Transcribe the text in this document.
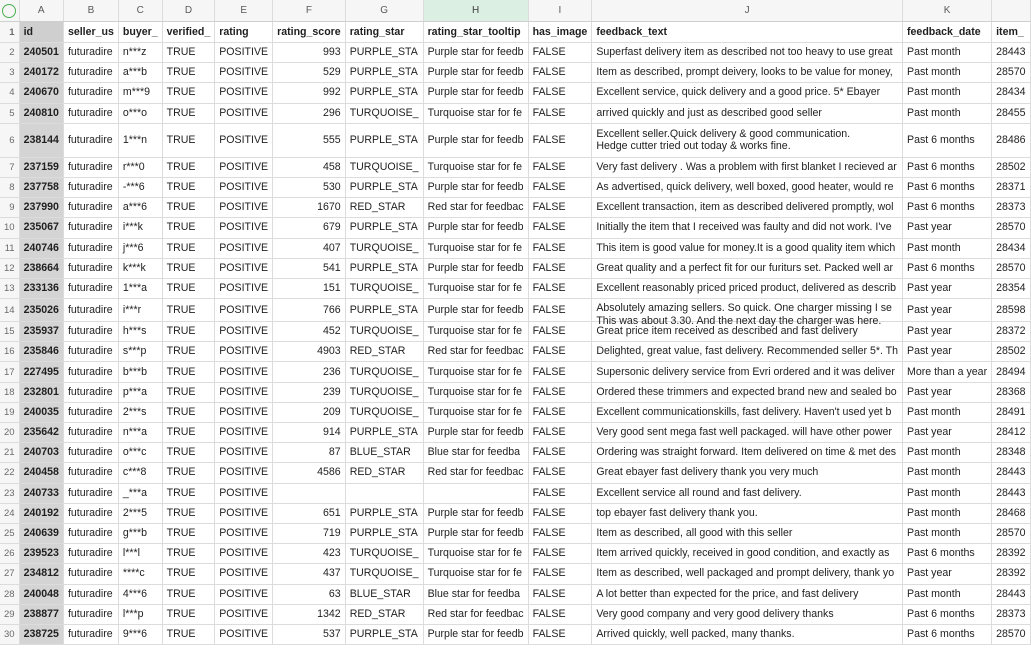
	A	B	C	D	E	F	G	H	I	J	K	
1	id	seller_us	buyer_	verified_	rating	rating_score	rating_star	rating_star_tooltip	has_image	feedback_text	feedback_date	item_
2	240501	futuradire	n***z	TRUE	POSITIVE	993	PURPLE_STA	Purple star for feedb	FALSE	Superfast delivery item as described not too heavy to use great	Past month	28443
3	240172	futuradire	a***b	TRUE	POSITIVE	529	PURPLE_STA	Purple star for feedb	FALSE	Item as described, prompt deivery, looks to be value for money,	Past month	28570
4	240670	futuradire	m***9	TRUE	POSITIVE	992	PURPLE_STA	Purple star for feedb	FALSE	Excellent service, quick delivery and a good price. 5* Ebayer	Past month	28434
5	240810	futuradire	o***o	TRUE	POSITIVE	296	TURQUOISE_	Turquoise star for fe	FALSE	arrived quickly and just as described good seller	Past month	28455
6	238144	futuradire	1***n	TRUE	POSITIVE	555	PURPLE_STA	Purple star for feedb	FALSE	Excellent seller.Quick delivery & good communication.
Hedge cutter tried out today & works fine.	Past 6 months	28486
7	237159	futuradire	r***0	TRUE	POSITIVE	458	TURQUOISE_	Turquoise star for fe	FALSE	Very fast delivery . Was a problem with first blanket I recieved ar	Past 6 months	28502
8	237758	futuradire	-***6	TRUE	POSITIVE	530	PURPLE_STA	Purple star for feedb	FALSE	As advertised, quick delivery, well boxed, good heater, would re	Past 6 months	28371
9	237990	futuradire	a***6	TRUE	POSITIVE	1670	RED_STAR	Red star for feedbac	FALSE	Excellent transaction, item as described delivered promptly, wol	Past 6 months	28373
10	235067	futuradire	i***k	TRUE	POSITIVE	679	PURPLE_STA	Purple star for feedb	FALSE	Initially the item that I received was faulty and did not work. I've	Past year	28570
11	240746	futuradire	j***6	TRUE	POSITIVE	407	TURQUOISE_	Turquoise star for fe	FALSE	This item is good value for money.It is a good quality item which	Past month	28434
12	238664	futuradire	k***k	TRUE	POSITIVE	541	PURPLE_STA	Purple star for feedb	FALSE	Great quality and a perfect fit for our furiturs set. Packed well ar	Past 6 months	28570
13	233136	futuradire	1***a	TRUE	POSITIVE	151	TURQUOISE_	Turquoise star for fe	FALSE	Excellent reasonably priced priced product, delivered as describ	Past year	28354
14	235026	futuradire	i***r	TRUE	POSITIVE	766	PURPLE_STA	Purple star for feedb	FALSE	Absolutely amazing sellers. So quick. One charger missing I se
This was about 3.30. And the next day the charger was here.	Past year	28598
15	235937	futuradire	h***s	TRUE	POSITIVE	452	TURQUOISE_	Turquoise star for fe	FALSE	Great price item received as described and fast delivery	Past year	28372
16	235846	futuradire	s***p	TRUE	POSITIVE	4903	RED_STAR	Red star for feedbac	FALSE	Delighted, great value, fast delivery. Recommended seller 5*. Th	Past year	28502
17	227495	futuradire	b***b	TRUE	POSITIVE	236	TURQUOISE_	Turquoise star for fe	FALSE	Supersonic delivery service from Evri ordered and it was deliver	More than a year	28494
18	232801	futuradire	p***a	TRUE	POSITIVE	239	TURQUOISE_	Turquoise star for fe	FALSE	Ordered these trimmers and expected brand new and sealed bo	Past year	28368
19	240035	futuradire	2***s	TRUE	POSITIVE	209	TURQUOISE_	Turquoise star for fe	FALSE	Excellent communicationskills, fast delivery. Haven't used yet b	Past month	28491
20	235642	futuradire	n***a	TRUE	POSITIVE	914	PURPLE_STA	Purple star for feedb	FALSE	Very good sent mega fast well packaged. will have other power	Past year	28412
21	240703	futuradire	o***c	TRUE	POSITIVE	87	BLUE_STAR	Blue star for feedba	FALSE	Ordering was straight forward. Item delivered on time & met des	Past month	28348
22	240458	futuradire	c***8	TRUE	POSITIVE	4586	RED_STAR	Red star for feedbac	FALSE	Great ebayer fast delivery thank you very much	Past month	28443
23	240733	futuradire	_***a	TRUE	POSITIVE				FALSE	Excellent service all round and fast delivery.	Past month	28443
24	240192	futuradire	2***5	TRUE	POSITIVE	651	PURPLE_STA	Purple star for feedb	FALSE	top ebayer fast delivery thank you.	Past month	28468
25	240639	futuradire	g***b	TRUE	POSITIVE	719	PURPLE_STA	Purple star for feedb	FALSE	Item as described, all good with this seller	Past month	28570
26	239523	futuradire	l***l	TRUE	POSITIVE	423	TURQUOISE_	Turquoise star for fe	FALSE	Item arrived quickly, received in good condition, and exactly as	Past 6 months	28392
27	234812	futuradire	****c	TRUE	POSITIVE	437	TURQUOISE_	Turquoise star for fe	FALSE	Item as described, well packaged and prompt delivery, thank yo	Past year	28392
28	240048	futuradire	4***6	TRUE	POSITIVE	63	BLUE_STAR	Blue star for feedba	FALSE	A lot better than expected for the price, and fast delivery	Past month	28443
29	238877	futuradire	l***p	TRUE	POSITIVE	1342	RED_STAR	Red star for feedbac	FALSE	Very good company and very good delivery thanks	Past 6 months	28373
30	238725	futuradire	9***6	TRUE	POSITIVE	537	PURPLE_STA	Purple star for feedb	FALSE	Arrived quickly, well packed, many thanks.	Past 6 months	28570
